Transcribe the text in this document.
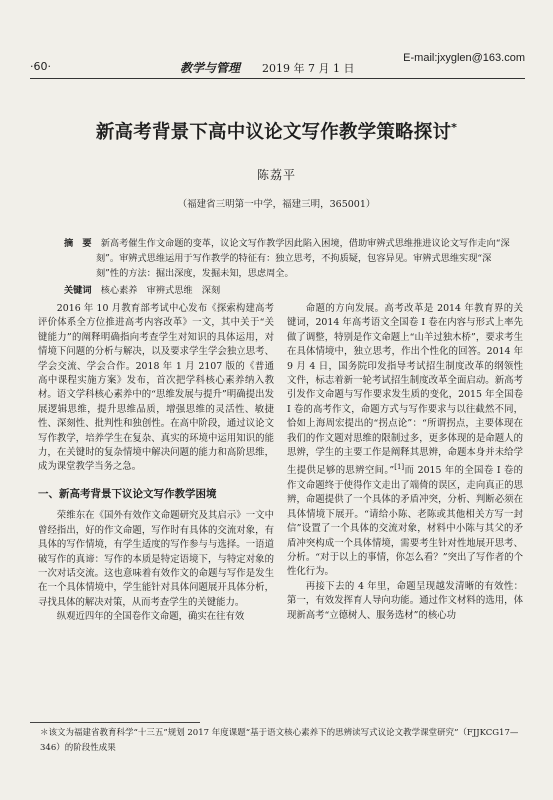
·60·	教学与管理 2019 年 7 月 1 日
E-mail:jxyglen@163.com
新高考背景下高中议论文写作教学策略探讨*
陈荔平
（福建省三明第一中学，福建三明，365001）

摘　要　 新高考催生作文命题的变革，议论文写作教学因此陷入困境，借助审辨式思维推进议论文写作走向“深刻”。审辨式思维运用于写作教学的特征有：独立思考，不拘质疑，包容异见。审辨式思维实现“深刻”性的方法：掘出深度，发掘未知，思虑周全。

关键词　 核心素养　审辨式思维　深刻

2016 年 10 月教育部考试中心发布《探索构建高考评价体系全方位推进高考内容改革》一文，其中关于“关键能力”的阐释明确指向考查学生对知识的具体运用，对情境下问题的分析与解决，以及要求学生学会独立思考、学会交流、学会合作。2018 年 1 月 2107 版的《普通高中课程实施方案》发布，首次把学科核心素养纳入教材。语文学科核心素养中的“思维发展与提升”明确提出发展逻辑思维，提升思维品质，增强思维的灵活性、敏捷性、深刻性、批判性和独创性。在高中阶段，通过议论文写作教学，培养学生在复杂、真实的环境中运用知识的能力，在关键时的复杂情境中解决问题的能力和高阶思维，成为课堂教学当务之急。

一、新高考背景下议论文写作教学困境

荣维东在《国外有效作文命题研究及其启示》一文中曾经指出，好的作文命题，写作时有具体的交流对象，有具体的写作情境，有学生适度的写作参与与选择。一语道破写作的真谛：写作的本质是特定语境下，与特定对象的一次对话交流。这也意味着有效作文的命题与写作是发生在一个具体情境中，学生能针对具体问题展开具体分析，寻找具体的解决对策，从而考查学生的关键能力。

纵观近四年的全国卷作文命题，确实在往有效

命题的方向发展。高考改革是 2014 年教育界的关键词，2014 年高考语文全国卷 I 卷在内容与形式上率先做了调整，特别是作文命题上“山羊过独木桥”，要求考生在具体情境中，独立思考，作出个性化的回答。2014 年 9 月 4 日，国务院印发指导考试招生制度改革的纲领性文件，标志着新一轮考试招生制度改革全面启动。新高考引发作文命题与写作要求发生质的变化，2015 年全国卷 I 卷的高考作文，命题方式与写作要求与以往截然不同，恰如上海周宏提出的“拐点论”：“所谓拐点，主要体现在我们的作文题对思维的限制过多，更多体现的是命题人的思辨，学生的主要工作是阐释其思辨，命题本身并未给学生提供足够的思辨空间。”[1]而 2015 年的全国卷 I 卷的作文命题终于使得作文走出了端倚的误区，走向真正的思辨，命题提供了一个具体的矛盾冲突，分析、判断必须在具体情境下展开。“请给小陈、老陈或其他相关方写一封信”设置了一个具体的交流对象，材料中小陈与其父的矛盾冲突构成一个具体情境，需要考生针对性地展开思考、分析。“对于以上的事情，你怎么看？”突出了写作者的个性化行为。

再接下去的 4 年里，命题呈现越发清晰的有效性：第一，有效发挥育人导向功能。通过作文材料的选用，体现新高考“立德树人、服务选材”的核心功

＊该文为福建省教育科学“十三五”规划 2017 年度课题“基于语文核心素养下的思辨读写式议论文教学课堂研究”（FJJKCG17—346）的阶段性成果
